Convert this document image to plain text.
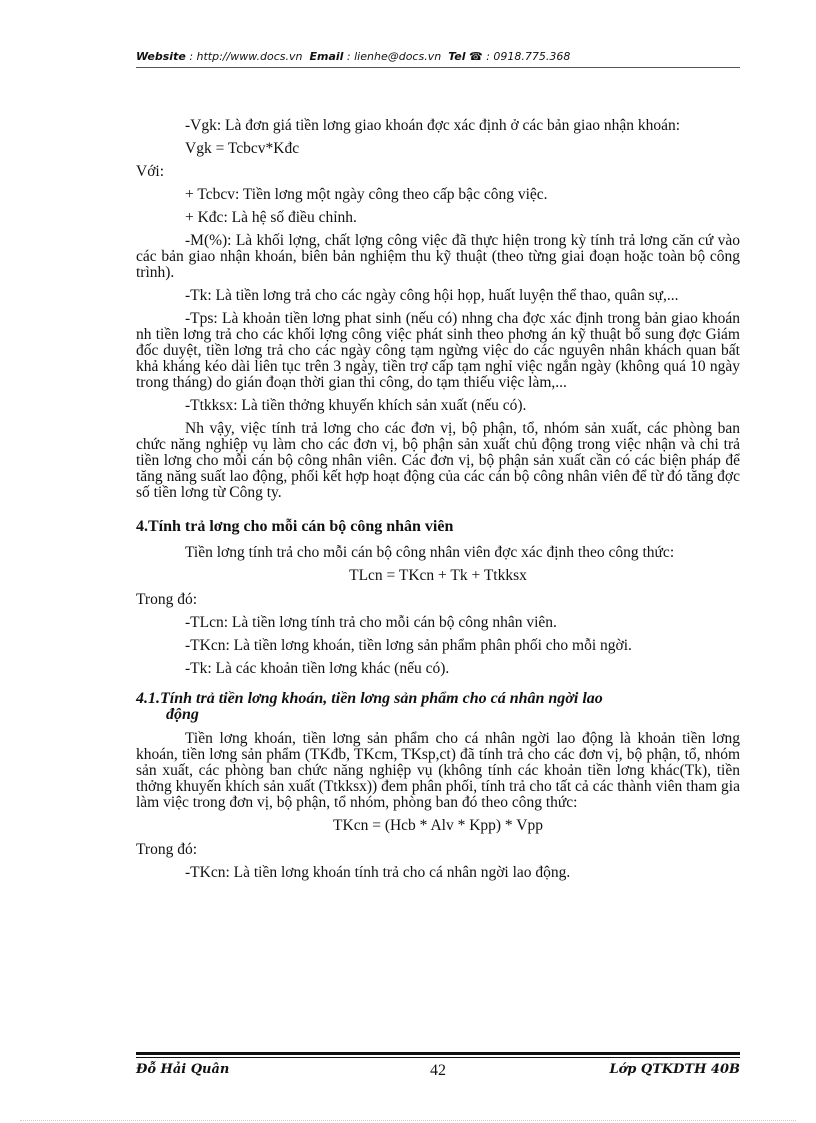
Website : http://www.docs.vn Email : lienhe@docs.vn Tel ☎ : 0918.775.368

-Vgk: Là đơn giá tiền lơng giao khoán đợc xác định ở các bản giao nhận khoán:

Vgk = Tcbcv*Kđc

Với:

+ Tcbcv: Tiền lơng một ngày công theo cấp bậc công việc.

+ Kđc: Là hệ số điều chỉnh.

-M(%): Là khối lợng, chất lợng công việc đã thực hiện trong kỳ tính trả lơng căn cứ vào các bản giao nhận khoán, biên bản nghiệm thu kỹ thuật (theo từng giai đoạn hoặc toàn bộ công trình).

-Tk: Là tiền lơng trả cho các ngày công hội họp, huất luyện thể thao, quân sự,...

-Tps: Là khoản tiền lơng phat sinh (nếu có) nhng cha đợc xác định trong bản giao khoán nh tiền lơng trả cho các khối lợng công việc phát sinh theo phơng án kỹ thuật bổ sung đợc Giám đốc duyệt, tiền lơng trả cho các ngày công tạm ngừng việc do các nguyên nhân khách quan bất khả kháng kéo dài liên tục trên 3 ngày, tiền trợ cấp tạm nghỉ việc ngắn ngày (không quá 10 ngày trong tháng) do gián đoạn thời gian thi công, do tạm thiếu việc làm,...

-Ttkksx: Là tiền thởng khuyến khích sản xuất (nếu có).

Nh vậy, việc tính trả lơng cho các đơn vị, bộ phận, tổ, nhóm sản xuất, các phòng ban chức năng nghiệp vụ làm cho các đơn vị, bộ phận sản xuất chủ động trong việc nhận và chi trả tiền lơng cho mỗi cán bộ công nhân viên. Các đơn vị, bộ phận sản xuất cần có các biện pháp để tăng năng suất lao động, phối kết hợp hoạt động của các cán bộ công nhân viên để từ đó tăng đợc số tiền lơng từ Công ty.

4.Tính trả lơng cho mỗi cán bộ công nhân viên

Tiền lơng tính trả cho mỗi cán bộ công nhân viên đợc xác định theo công thức:

TLcn = TKcn + Tk + Ttkksx

Trong đó:

-TLcn: Là tiền lơng tính trả cho mỗi cán bộ công nhân viên.

-TKcn: Là tiền lơng khoán, tiền lơng sản phẩm phân phối cho mỗi ngời.

-Tk: Là các khoản tiền lơng khác (nếu có).

4.1.Tính trả tiền lơng khoán, tiền lơng sản phẩm cho cá nhân ngời lao
động

Tiền lơng khoán, tiền lơng sản phẩm cho cá nhân ngời lao động là khoản tiền lơng khoán, tiền lơng sản phẩm (TKđb, TKcm, TKsp,ct) đã tính trả cho các đơn vị, bộ phận, tổ, nhóm sản xuất, các phòng ban chức năng nghiệp vụ (không tính các khoản tiền lơng khác(Tk), tiền thởng khuyến khích sản xuất (Ttkksx)) đem phân phối, tính trả cho tất cả các thành viên tham gia làm việc trong đơn vị, bộ phận, tổ nhóm, phòng ban đó theo công thức:

TKcn = (Hcb * Alv * Kpp) * Vpp

Trong đó:

-TKcn: Là tiền lơng khoán tính trả cho cá nhân ngời lao động.

Đỗ Hải Quân	42	Lớp QTKDTH 40B
